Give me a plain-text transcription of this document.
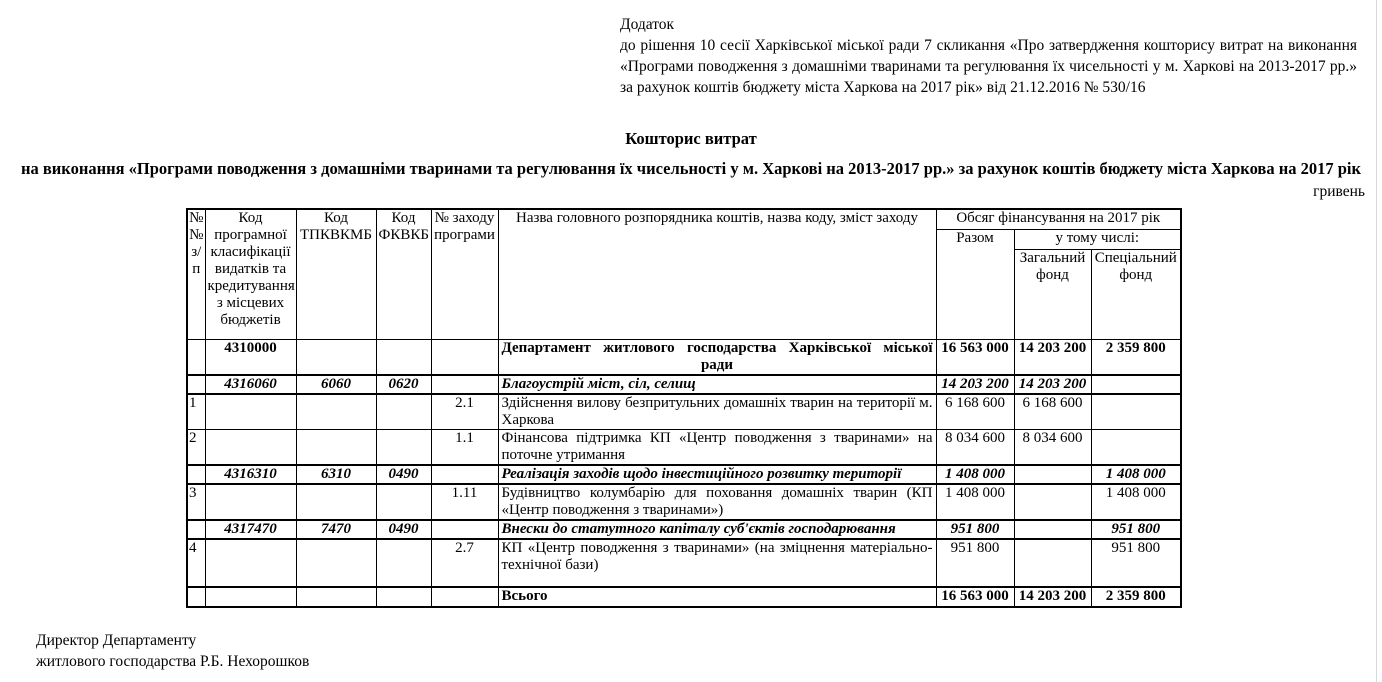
Додаток
до рішення 10 сесії Харківської міської ради 7 скликання «Про затвердження кошторису витрат на виконання «Програми поводження з домашніми тваринами та регулювання їх чисельності у м. Харкові на 2013-2017 рр.» за рахунок коштів бюджету міста Харкова на 2017 рік» від 21.12.2016 № 530/16
Кошторис витрат
на виконання «Програми поводження з домашніми тваринами та регулювання їх чисельності у м. Харкові на 2013-2017 рр.» за рахунок коштів бюджету міста Харкова на 2017 рік
гривень
№ № з/п	Код програмної класифікації видатків та кредитування з місцевих бюджетів	Код ТПКВКМБ	Код ФКВКБ	№ заходу програми	Назва головного розпорядника коштів, назва коду, зміст заходу	Обсяг фінансування на 2017 рік		
						Разом	у тому числі:	
							Загальний фонд	Спеціальний фонд
	4310000				Департамент житлового господарства Харківської міської ради	16 563 000	14 203 200	2 359 800
	4316060	6060	0620		Благоустрій міст, сіл, селищ	14 203 200	14 203 200	
1				2.1	Здійснення вилову безпритульних домашніх тварин на території м. Харкова	6 168 600	6 168 600	
2				1.1	Фінансова підтримка КП «Центр поводження з тваринами» на поточне утримання	8 034 600	8 034 600	
	4316310	6310	0490		Реалізація заходів щодо інвестиційного розвитку території	1 408 000		1 408 000
3				1.11	Будівництво колумбарію для поховання домашніх тварин (КП «Центр поводження з тваринами»)	1 408 000		1 408 000
	4317470	7470	0490		Внески до статутного капіталу суб'єктів господарювання	951 800		951 800
4				2.7	КП «Центр поводження з тваринами» (на зміцнення матеріально-технічної бази)	951 800		951 800
					Всього	16 563 000	14 203 200	2 359 800
Директор Департаменту
житлового господарства Р.Б. Нехорошков
